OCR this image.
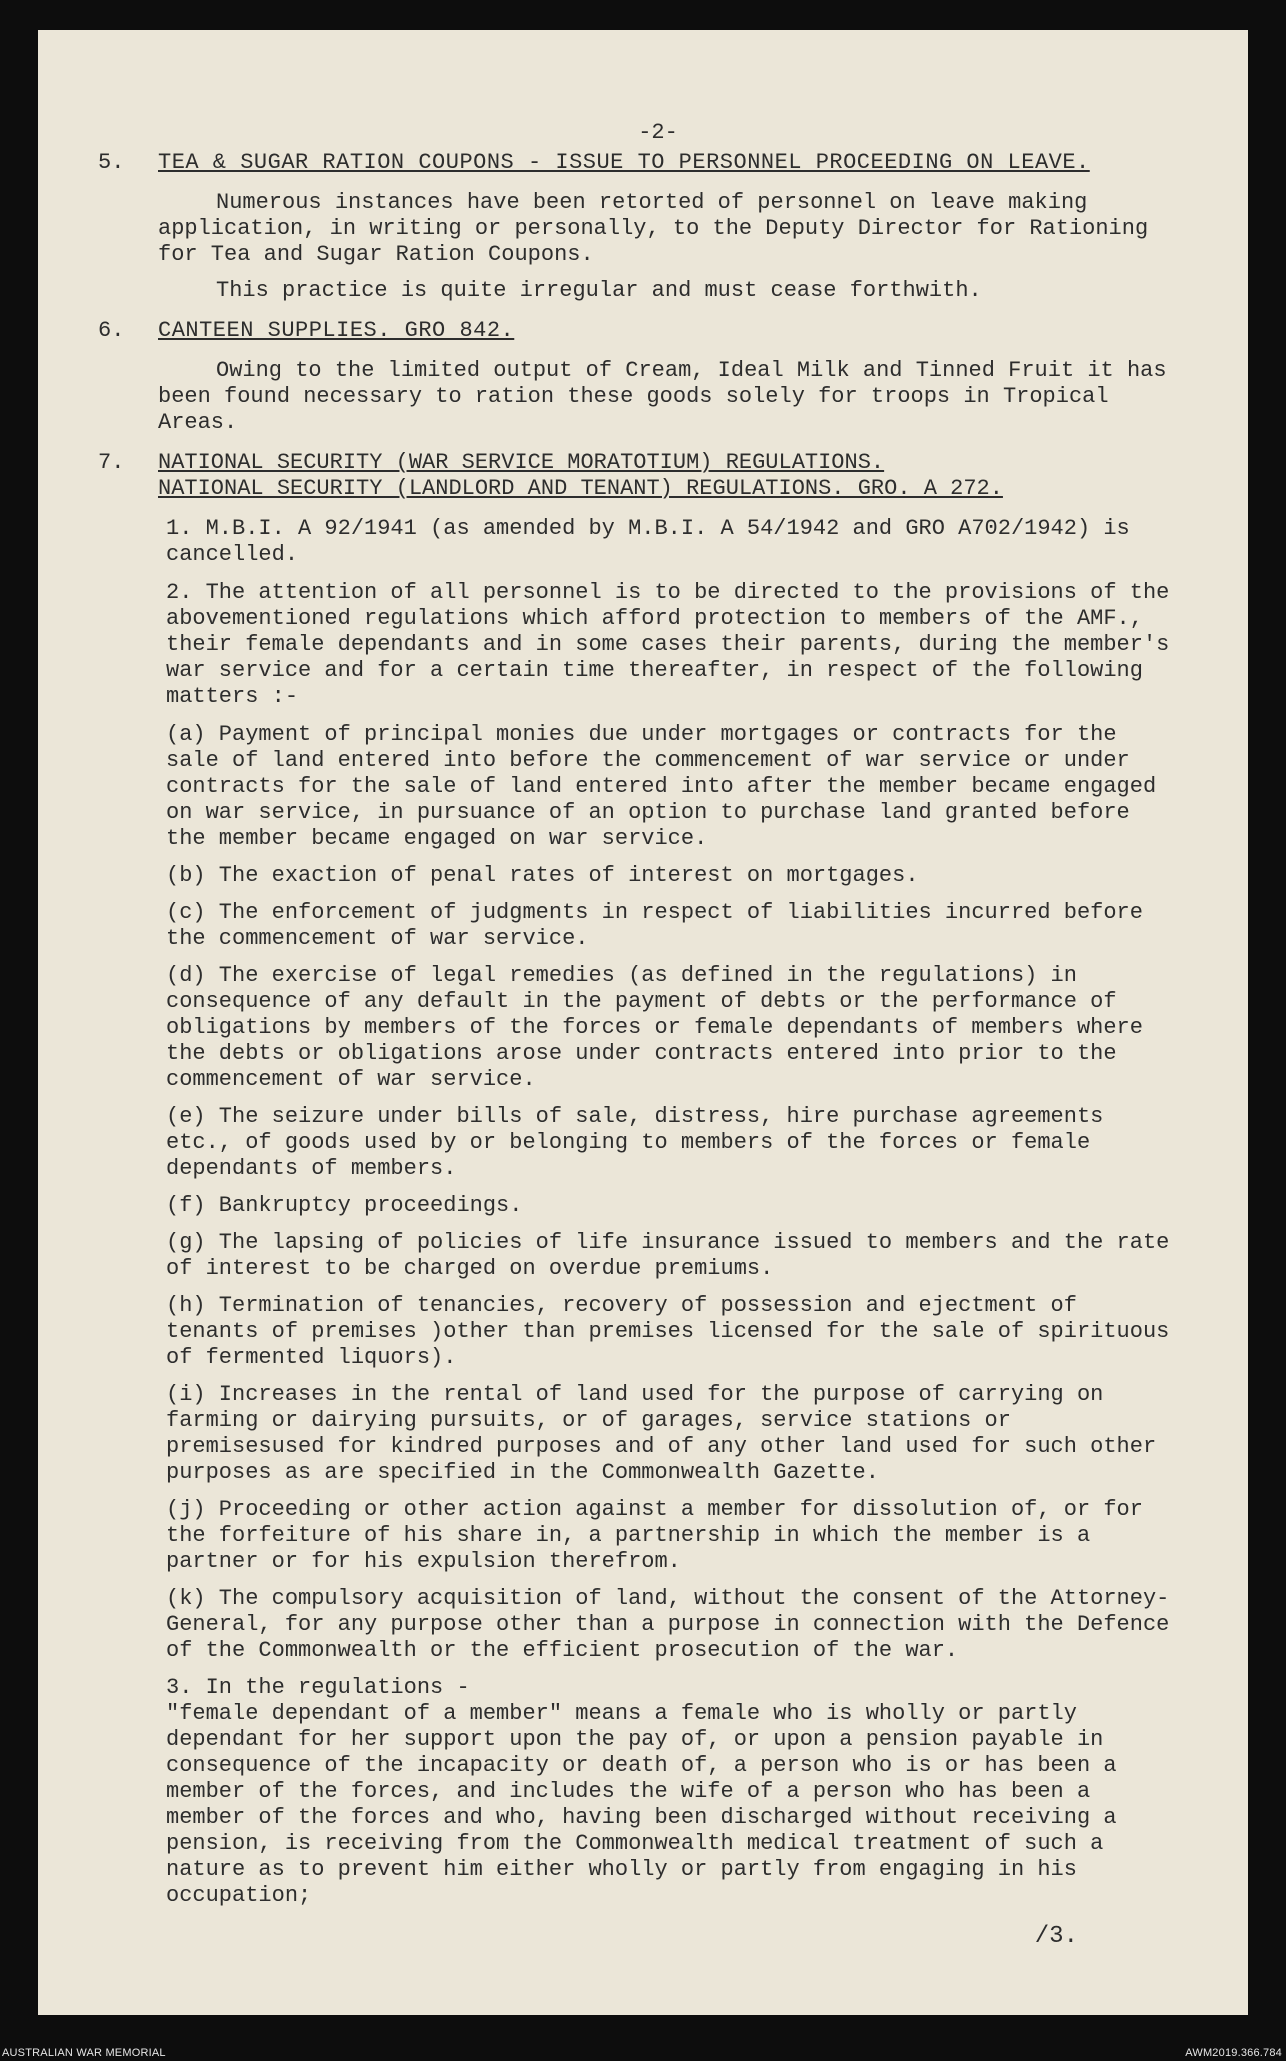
-2-
5.	TEA & SUGAR RATION COUPONS - ISSUE TO PERSONNEL PROCEEDING ON LEAVE.

Numerous instances have been retorted of personnel on leave making application, in writing or personally, to the Deputy Director for Rationing for Tea and Sugar Ration Coupons.

This practice is quite irregular and must cease forthwith.

6.	CANTEEN SUPPLIES. GRO 842.

Owing to the limited output of Cream, Ideal Milk and Tinned Fruit it has been found necessary to ration these goods solely for troops in Tropical Areas.

7.	NATIONAL SECURITY (WAR SERVICE MORATOTIUM) REGULATIONS.
NATIONAL SECURITY (LANDLORD AND TENANT) REGULATIONS. GRO. A 272.

1. M.B.I. A 92/1941 (as amended by M.B.I. A 54/1942 and GRO A702/1942) is cancelled.

2. The attention of all personnel is to be directed to the provisions of the abovementioned regulations which afford protection to members of the AMF., their female dependants and in some cases their parents, during the member's war service and for a certain time thereafter, in respect of the following matters :-

(a) Payment of principal monies due under mortgages or contracts for the sale of land entered into before the commencement of war service or under contracts for the sale of land entered into after the member became engaged on war service, in pursuance of an option to purchase land granted before the member became engaged on war service.

(b) The exaction of penal rates of interest on mortgages.

(c) The enforcement of judgments in respect of liabilities incurred before the commencement of war service.

(d) The exercise of legal remedies (as defined in the regulations) in consequence of any default in the payment of debts or the performance of obligations by members of the forces or female dependants of members where the debts or obligations arose under contracts entered into prior to the commencement of war service.

(e) The seizure under bills of sale, distress, hire purchase agreements etc., of goods used by or belonging to members of the forces or female dependants of members.

(f) Bankruptcy proceedings.

(g) The lapsing of policies of life insurance issued to members and the rate of interest to be charged on overdue premiums.

(h) Termination of tenancies, recovery of possession and ejectment of tenants of premises )other than premises licensed for the sale of spirituous of fermented liquors).

(i) Increases in the rental of land used for the purpose of carrying on farming or dairying pursuits, or of garages, service stations or premisesused for kindred purposes and of any other land used for such other purposes as are specified in the Commonwealth Gazette.

(j) Proceeding or other action against a member for dissolution of, or for the forfeiture of his share in, a partnership in which the member is a partner or for his expulsion therefrom.

(k) The compulsory acquisition of land, without the consent of the Attorney-General, for any purpose other than a purpose in connection with the Defence of the Commonwealth or the efficient prosecution of the war.

3. In the regulations -
"female dependant of a member" means a female who is wholly or partly dependant for her support upon the pay of, or upon a pension payable in consequence of the incapacity or death of, a person who is or has been a member of the forces, and includes the wife of a person who has been a member of the forces and who, having been discharged without receiving a pension, is receiving from the Commonwealth medical treatment of such a nature as to prevent him either wholly or partly from engaging in his occupation;
/3.
AUSTRALIAN WAR MEMORIAL	AWM2019.366.784
